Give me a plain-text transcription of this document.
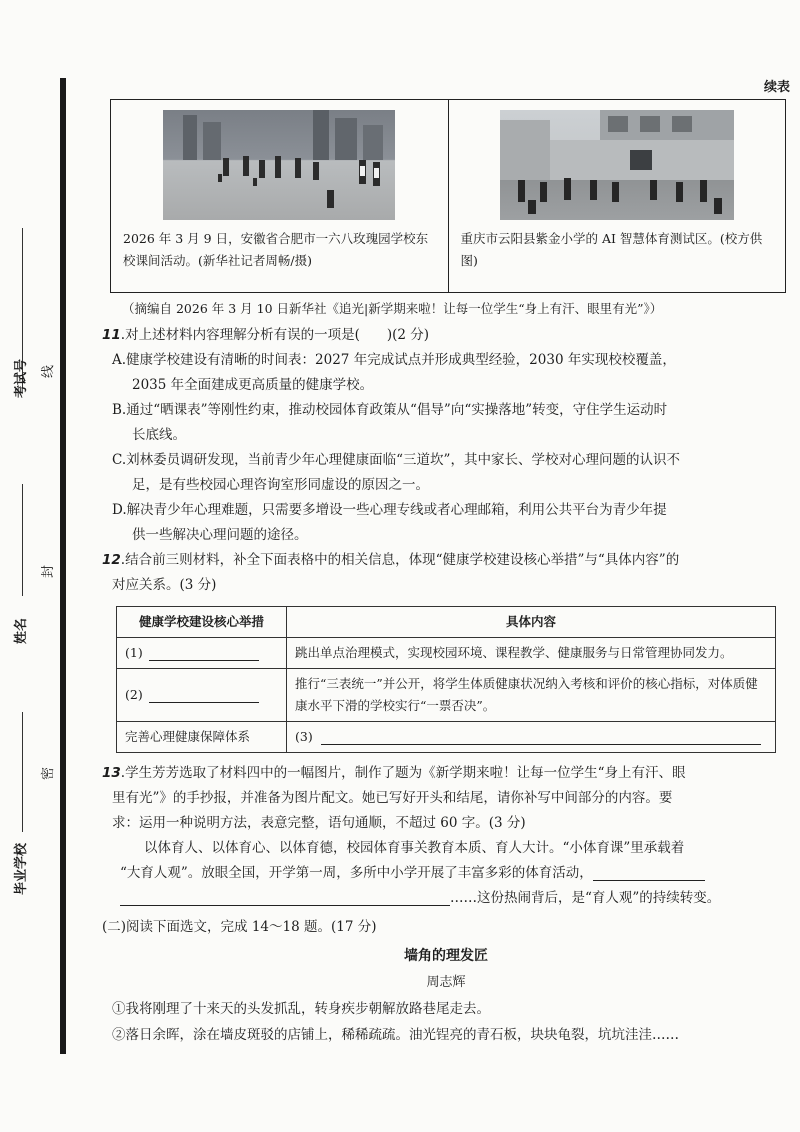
考试号
姓名
毕业学校
线
封
密
续表
2026 年 3 月 9 日，安徽省合肥市一六八玫瑰园学校东校课间活动。(新华社记者周畅/摄)
重庆市云阳县紫金小学的 AI 智慧体育测试区。(校方供图)
（摘编自 2026 年 3 月 10 日新华社《追光|新学期来啦！让每一位学生“身上有汗、眼里有光”》）
11.对上述材料内容理解分析有误的一项是(　　)(2 分)
A.健康学校建设有清晰的时间表：2027 年完成试点并形成典型经验，2030 年实现校校覆盖，
2035 年全面建成更高质量的健康学校。
B.通过“晒课表”等刚性约束，推动校园体育政策从“倡导”向“实操落地”转变，守住学生运动时
长底线。
C.刘林委员调研发现，当前青少年心理健康面临“三道坎”，其中家长、学校对心理问题的认识不
足，是有些校园心理咨询室形同虚设的原因之一。
D.解决青少年心理难题，只需要多增设一些心理专线或者心理邮箱，利用公共平台为青少年提
供一些解决心理问题的途径。
12.结合前三则材料，补全下面表格中的相关信息，体现“健康学校建设核心举措”与“具体内容”的
对应关系。(3 分)
健康学校建设核心举措	具体内容
(1)	跳出单点治理模式，实现校园环境、课程教学、健康服务与日常管理协同发力。
(2)	推行“三表统一”并公开，将学生体质健康状况纳入考核和评价的核心指标，对体质健康水平下滑的学校实行“一票否决”。
完善心理健康保障体系	(3)
13.学生芳芳选取了材料四中的一幅图片，制作了题为《新学期来啦！让每一位学生“身上有汗、眼
里有光”》的手抄报，并准备为图片配文。她已写好开头和结尾，请你补写中间部分的内容。要
求：运用一种说明方法，表意完整，语句通顺，不超过 60 字。(3 分)

以体育人、以体育心、以体育德，校园体育事关教育本质、育人大计。“小体育课”里承载着

“大育人观”。放眼全国，开学第一周，多所中小学开展了丰富多彩的体育活动，
……这份热闹背后，是“育人观”的持续转变。
(二)阅读下面选文，完成 14～18 题。(17 分)
墙角的理发匠
周志辉
①我将刚理了十来天的头发抓乱，转身疾步朝解放路巷尾走去。
②落日余晖，涂在墙皮斑驳的店铺上，稀稀疏疏。油光锃亮的青石板，块块龟裂，坑坑洼洼……
